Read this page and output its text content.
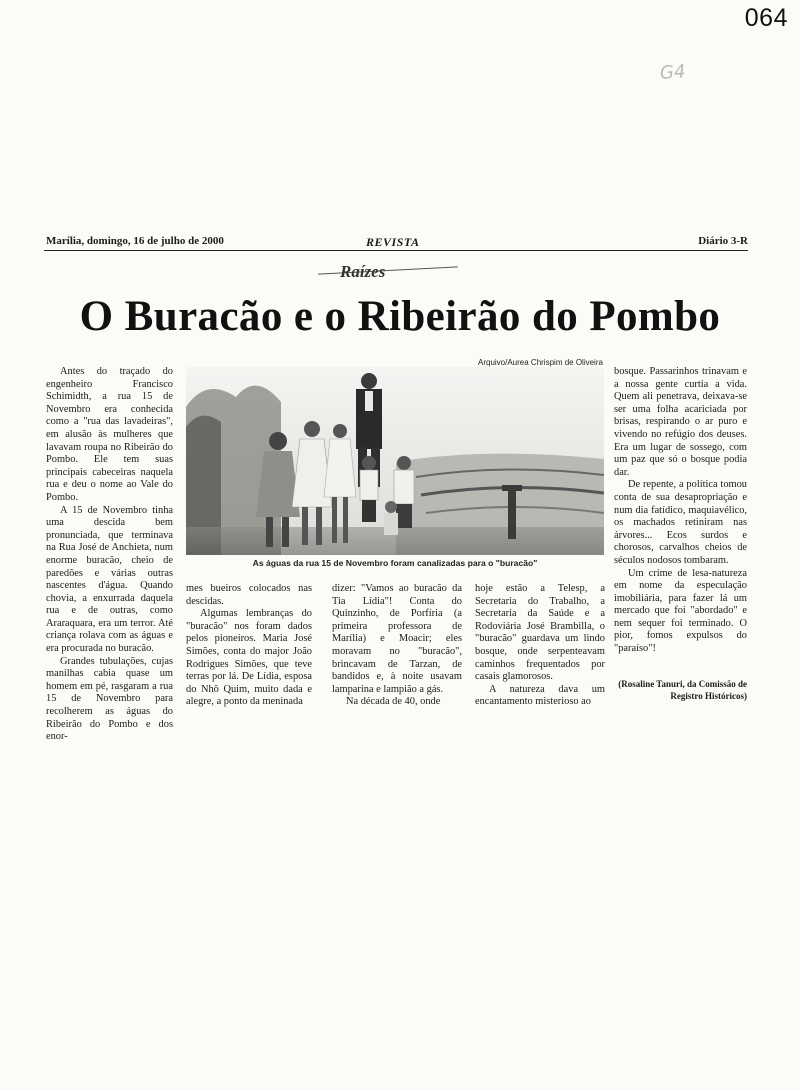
064
G4
Marília, domingo, 16 de julho de 2000	REVISTA	Diário 3-R
Raízes
O Buracão e o Ribeirão do Pombo
Arquivo/Aurea Chrispim de Oliveira
As águas da rua 15 de Novembro foram canalizadas para o "buracão"

Antes do traçado do engenheiro Francisco Schimidth, a rua 15 de Novembro era conhecida como a "rua das lavadeiras", em alusão às mulheres que lavavam roupa no Ribeirão do Pombo. Ele tem suas principais cabeceiras naquela rua e deu o nome ao Vale do Pombo.

A 15 de Novembro tinha uma descida bem pronunciada, que terminava na Rua José de Anchieta, num enorme buracão, cheio de paredões e várias outras nascentes d'água. Quando chovia, a enxurrada daquela rua e de outras, como Araraquara, era um terror. Até criança rolava com as águas e era procurada no buracão.

Grandes tubulações, cujas manilhas cabia quase um homem em pé, rasgaram a rua 15 de Novembro para recolherem as águas do Ribeirão do Pombo e dos enor-

mes bueiros colocados nas descidas.

Algumas lembranças do "buracão" nos foram dados pelos pioneiros. Maria José Simões, conta do major João Rodrigues Simões, que teve terras por lá. De Lídia, esposa do Nhô Quim, muito dada e alegre, a ponto da meninada

dizer: "Vamos ao buracão da Tia Lídia"! Conta do Quinzinho, de Porfíria (a primeira professora de Marília) e Moacir; eles moravam no "buracão", brincavam de Tarzan, de bandidos e, à noite usavam lamparina e lampião a gás.

Na década de 40, onde

hoje estão a Telesp, a Secretaria do Trabalho, a Secretaria da Saúde e a Rodoviária José Brambilla, o "buracão" guardava um lindo bosque, onde serpenteavam caminhos frequentados por casais glamorosos.

A natureza dava um encantamento misterioso ao

bosque. Passarinhos trinavam e a nossa gente curtia a vida. Quem ali penetrava, deixava-se ser uma folha acariciada por brisas, respirando o ar puro e vivendo no refúgio dos deuses. Era um lugar de sossego, com um paz que só o bosque podia dar.

De repente, a política tomou conta de sua desapropriação e num dia fatídico, maquiavélico, os machados retiniram nas árvores... Ecos surdos e chorosos, carvalhos cheios de séculos nodosos tombaram.

Um crime de lesa-natureza em nome da especulação imobiliária, para fazer lá um mercado que foi "abordado" e nem sequer foi terminado. O pior, fomos expulsos do "paraíso"!

(Rosaline Tanuri, da Comissão de Registro Históricos)
